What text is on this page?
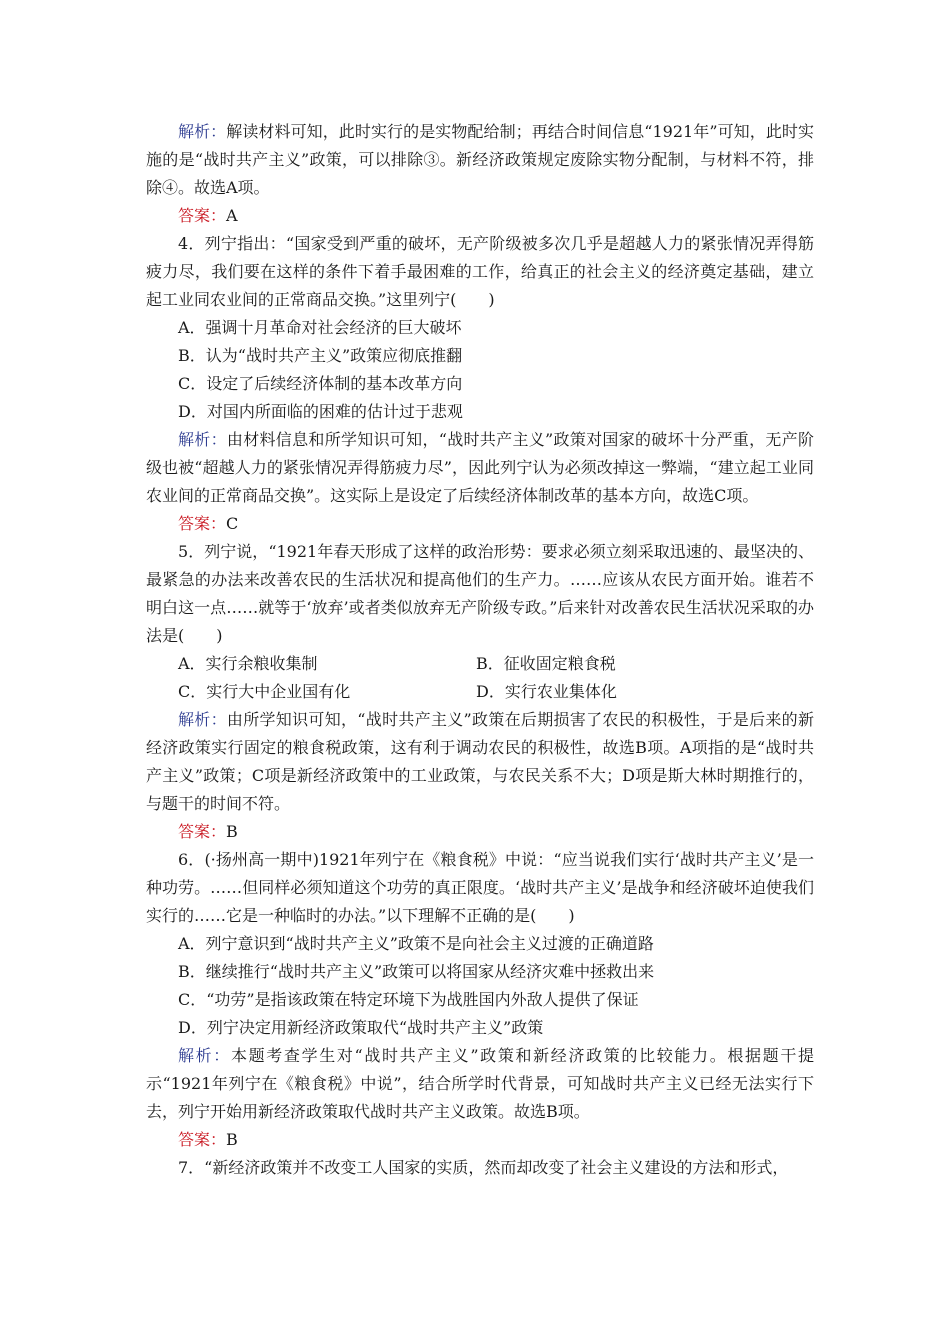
解析：解读材料可知，此时实行的是实物配给制；再结合时间信息“1921年”可知，此时实施的是“战时共产主义”政策，可以排除③。新经济政策规定废除实物分配制，与材料不符，排除④。故选A项。

答案：A

4．列宁指出：“国家受到严重的破坏，无产阶级被多次几乎是超越人力的紧张情况弄得筋疲力尽，我们要在这样的条件下着手最困难的工作，给真正的社会主义的经济奠定基础，建立起工业同农业间的正常商品交换。”这里列宁(　　)

A．强调十月革命对社会经济的巨大破坏

B．认为“战时共产主义”政策应彻底推翻

C．设定了后续经济体制的基本改革方向

D．对国内所面临的困难的估计过于悲观

解析：由材料信息和所学知识可知，“战时共产主义”政策对国家的破坏十分严重，无产阶级也被“超越人力的紧张情况弄得筋疲力尽”，因此列宁认为必须改掉这一弊端，“建立起工业同农业间的正常商品交换”。这实际上是设定了后续经济体制改革的基本方向，故选C项。

答案：C

5．列宁说，“1921年春天形成了这样的政治形势：要求必须立刻采取迅速的、最坚决的、最紧急的办法来改善农民的生活状况和提高他们的生产力。……应该从农民方面开始。谁若不明白这一点……就等于‘放弃’或者类似放弃无产阶级专政。”后来针对改善农民生活状况采取的办法是(　　)

A．实行余粮收集制	B．征收固定粮食税
C．实行大中企业国有化	D．实行农业集体化

解析：由所学知识可知，“战时共产主义”政策在后期损害了农民的积极性，于是后来的新经济政策实行固定的粮食税政策，这有利于调动农民的积极性，故选B项。A项指的是“战时共产主义”政策；C项是新经济政策中的工业政策，与农民关系不大；D项是斯大林时期推行的，与题干的时间不符。

答案：B

6．(·扬州高一期中)1921年列宁在《粮食税》中说：“应当说我们实行‘战时共产主义’是一种功劳。……但同样必须知道这个功劳的真正限度。‘战时共产主义’是战争和经济破坏迫使我们实行的……它是一种临时的办法。”以下理解不正确的是(　　)

A．列宁意识到“战时共产主义”政策不是向社会主义过渡的正确道路

B．继续推行“战时共产主义”政策可以将国家从经济灾难中拯救出来

C．“功劳”是指该政策在特定环境下为战胜国内外敌人提供了保证

D．列宁决定用新经济政策取代“战时共产主义”政策

解析：本题考查学生对“战时共产主义”政策和新经济政策的比较能力。根据题干提示“1921年列宁在《粮食税》中说”，结合所学时代背景，可知战时共产主义已经无法实行下去，列宁开始用新经济政策取代战时共产主义政策。故选B项。

答案：B

7．“新经济政策并不改变工人国家的实质，然而却改变了社会主义建设的方法和形式，
